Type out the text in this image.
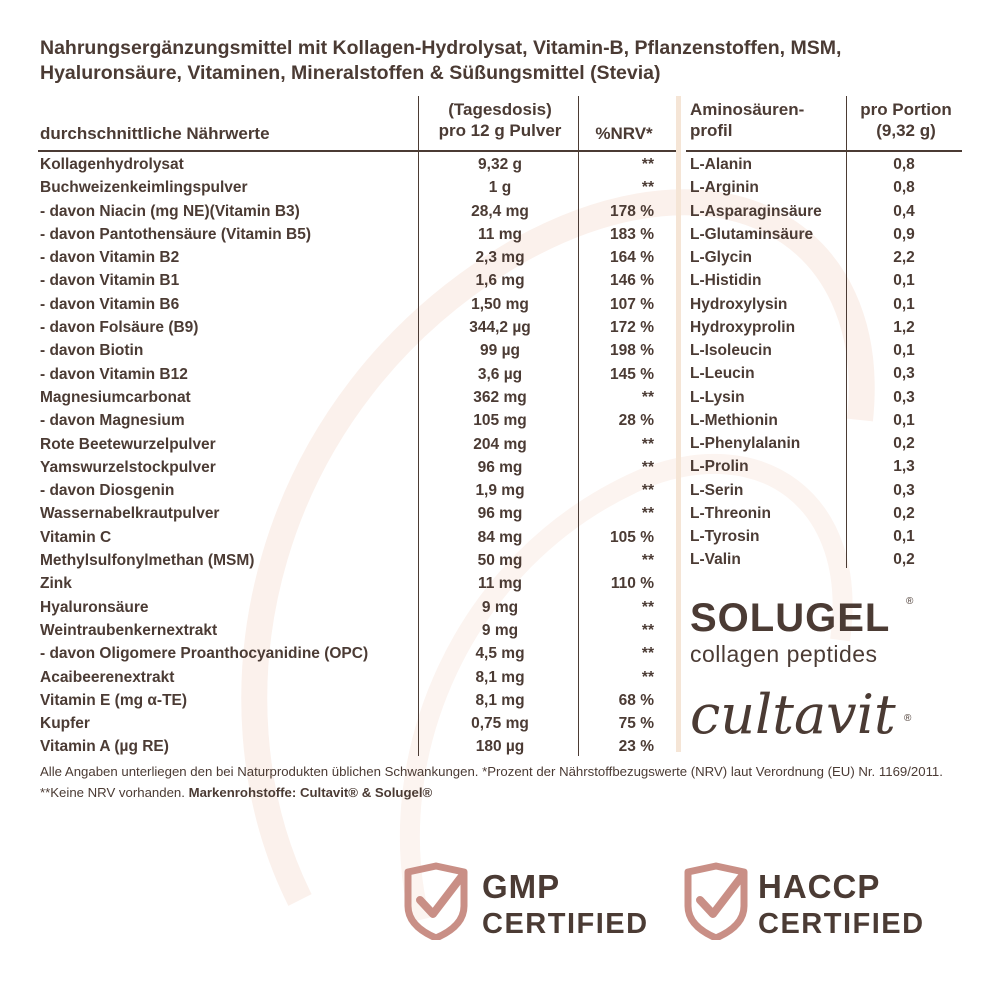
Nahrungsergänzungsmittel mit Kollagen-Hydrolysat, Vitamin-B, Pflanzenstoffen, MSM,
Hyaluronsäure, Vitaminen, Mineralstoffen & Süßungsmittel (Stevia)
durchschnittliche Nährwerte
(Tagesdosis)
pro 12 g Pulver	%NRV*
Kollagenhydrolysat	9,32 g	**
Buchweizenkeimlingspulver	1 g	**
- davon Niacin (mg NE)(Vitamin B3)	28,4 mg	178 %
- davon Pantothensäure (Vitamin B5)	11 mg	183 %
- davon Vitamin B2	2,3 mg	164 %
- davon Vitamin B1	1,6 mg	146 %
- davon Vitamin B6	1,50 mg	107 %
- davon Folsäure (B9)	344,2 µg	172 %
- davon Biotin	99 µg	198 %
- davon Vitamin B12	3,6 µg	145 %
Magnesiumcarbonat	362 mg	**
- davon Magnesium	105 mg	28 %
Rote Beetewurzelpulver	204 mg	**
Yamswurzelstockpulver	96 mg	**
- davon Diosgenin	1,9 mg	**
Wassernabelkrautpulver	96 mg	**
Vitamin C	84 mg	105 %
Methylsulfonylmethan (MSM)	50 mg	**
Zink	11 mg	110 %
Hyaluronsäure	9 mg	**
Weintraubenkernextrakt	9 mg	**
- davon Oligomere Proanthocyanidine (OPC)	4,5 mg	**
Acaibeerenextrakt	8,1 mg	**
Vitamin E (mg α-TE)	8,1 mg	68 %
Kupfer	0,75 mg	75 %
Vitamin A (µg RE)	180 µg	23 %
Aminosäuren-
profil
pro Portion
(9,32 g)
L-Alanin	0,8
L-Arginin	0,8
L-Asparaginsäure	0,4
L-Glutaminsäure	0,9
L-Glycin	2,2
L-Histidin	0,1
Hydroxylysin	0,1
Hydroxyprolin	1,2
L-Isoleucin	0,1
L-Leucin	0,3
L-Lysin	0,3
L-Methionin	0,1
L-Phenylalanin	0,2
L-Prolin	1,3
L-Serin	0,3
L-Threonin	0,2
L-Tyrosin	0,1
L-Valin	0,2
SOLUGEL ®
collagen peptides
cultavit ®
Alle Angaben unterliegen den bei Naturprodukten üblichen Schwankungen. *Prozent der Nährstoffbezugswerte (NRV) laut Verordnung (EU) Nr. 1169/2011. **Keine NRV vorhanden. Markenrohstoffe: Cultavit® & Solugel®
GMP
CERTIFIED
HACCP
CERTIFIED
